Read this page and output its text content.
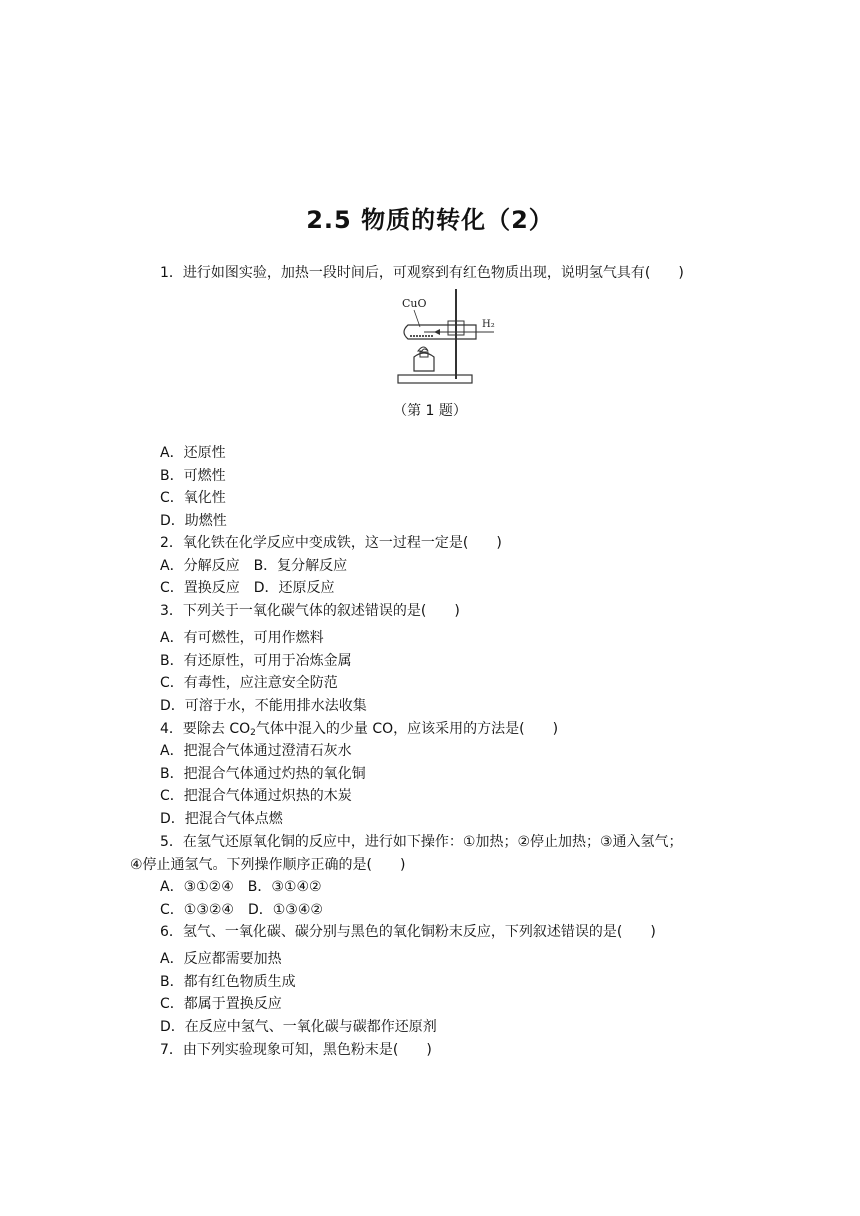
2.5 物质的转化（2）
1．进行如图实验，加热一段时间后，可观察到有红色物质出现，说明氢气具有(　　)
CuO
H₂
（第 1 题）
A．还原性
B．可燃性
C．氧化性
D．助燃性
2．氧化铁在化学反应中变成铁，这一过程一定是(　　)
A．分解反应　B．复分解反应
C．置换反应　D．还原反应
3．下列关于一氧化碳气体的叙述错误的是(　　)
A．有可燃性，可用作燃料
B．有还原性，可用于冶炼金属
C．有毒性，应注意安全防范
D．可溶于水，不能用排水法收集
4．要除去 $CO_2$气体中混入的少量 CO，应该采用的方法是(　　)
A．把混合气体通过澄清石灰水
B．把混合气体通过灼热的氧化铜
C．把混合气体通过炽热的木炭
D．把混合气体点燃
5．在氢气还原氧化铜的反应中，进行如下操作：①加热；②停止加热；③通入氢气；
④停止通氢气。下列操作顺序正确的是(　　)
A．③①②④　B．③①④②
C．①③②④　D．①③④②
6．氢气、一氧化碳、碳分别与黑色的氧化铜粉末反应，下列叙述错误的是(　　)
A．反应都需要加热
B．都有红色物质生成
C．都属于置换反应
D．在反应中氢气、一氧化碳与碳都作还原剂
7．由下列实验现象可知，黑色粉末是(　　)
